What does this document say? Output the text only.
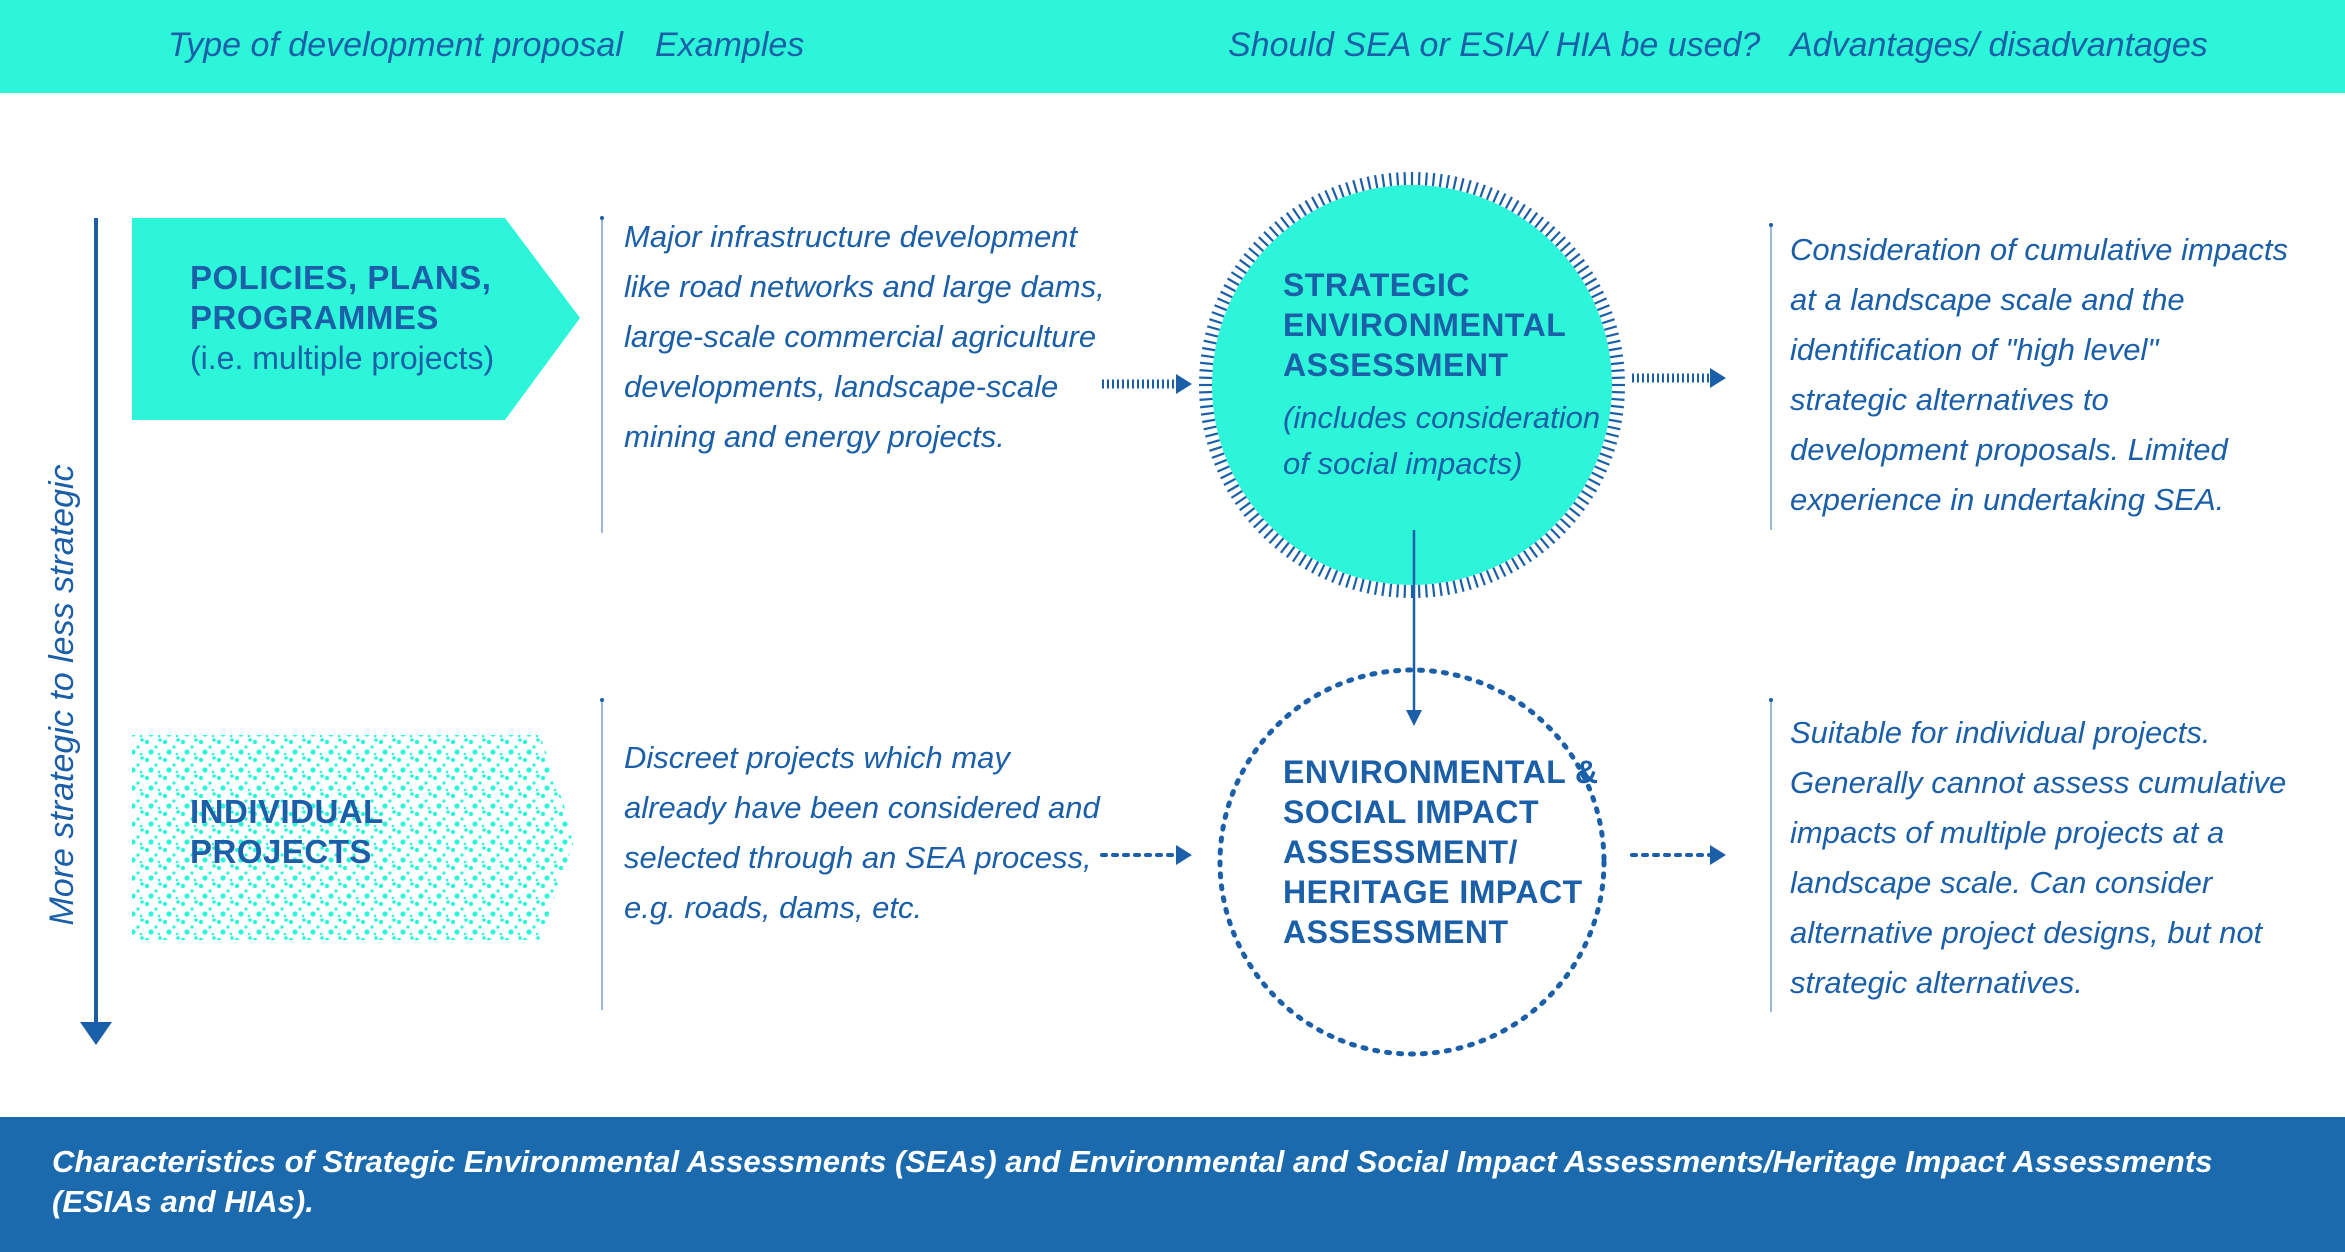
Type of development proposal Examples	Should SEA or ESIA/ HIA be used? Advantages/ disadvantages
More strategic to less strategic
POLICIES, PLANS,
PROGRAMMES
(i.e. multiple projects)
Major infrastructure development
like road networks and large dams,
large-scale commercial agriculture
developments, landscape-scale
mining and energy projects.
STRATEGIC
ENVIRONMENTAL
ASSESSMENT
(includes consideration
of social impacts)
Consideration of cumulative impacts
at a landscape scale and the
identification of "high level"
strategic alternatives to
development proposals. Limited
experience in undertaking SEA.
INDIVIDUAL
PROJECTS
Discreet projects which may
already have been considered and
selected through an SEA process,
e.g. roads, dams, etc.
ENVIRONMENTAL &
SOCIAL IMPACT
ASSESSMENT/
HERITAGE IMPACT
ASSESSMENT
Suitable for individual projects.
Generally cannot assess cumulative
impacts of multiple projects at a
landscape scale. Can consider
alternative project designs, but not
strategic alternatives.
Characteristics of Strategic Environmental Assessments (SEAs) and Environmental and Social Impact Assessments/Heritage Impact Assessments
(ESIAs and HIAs).
